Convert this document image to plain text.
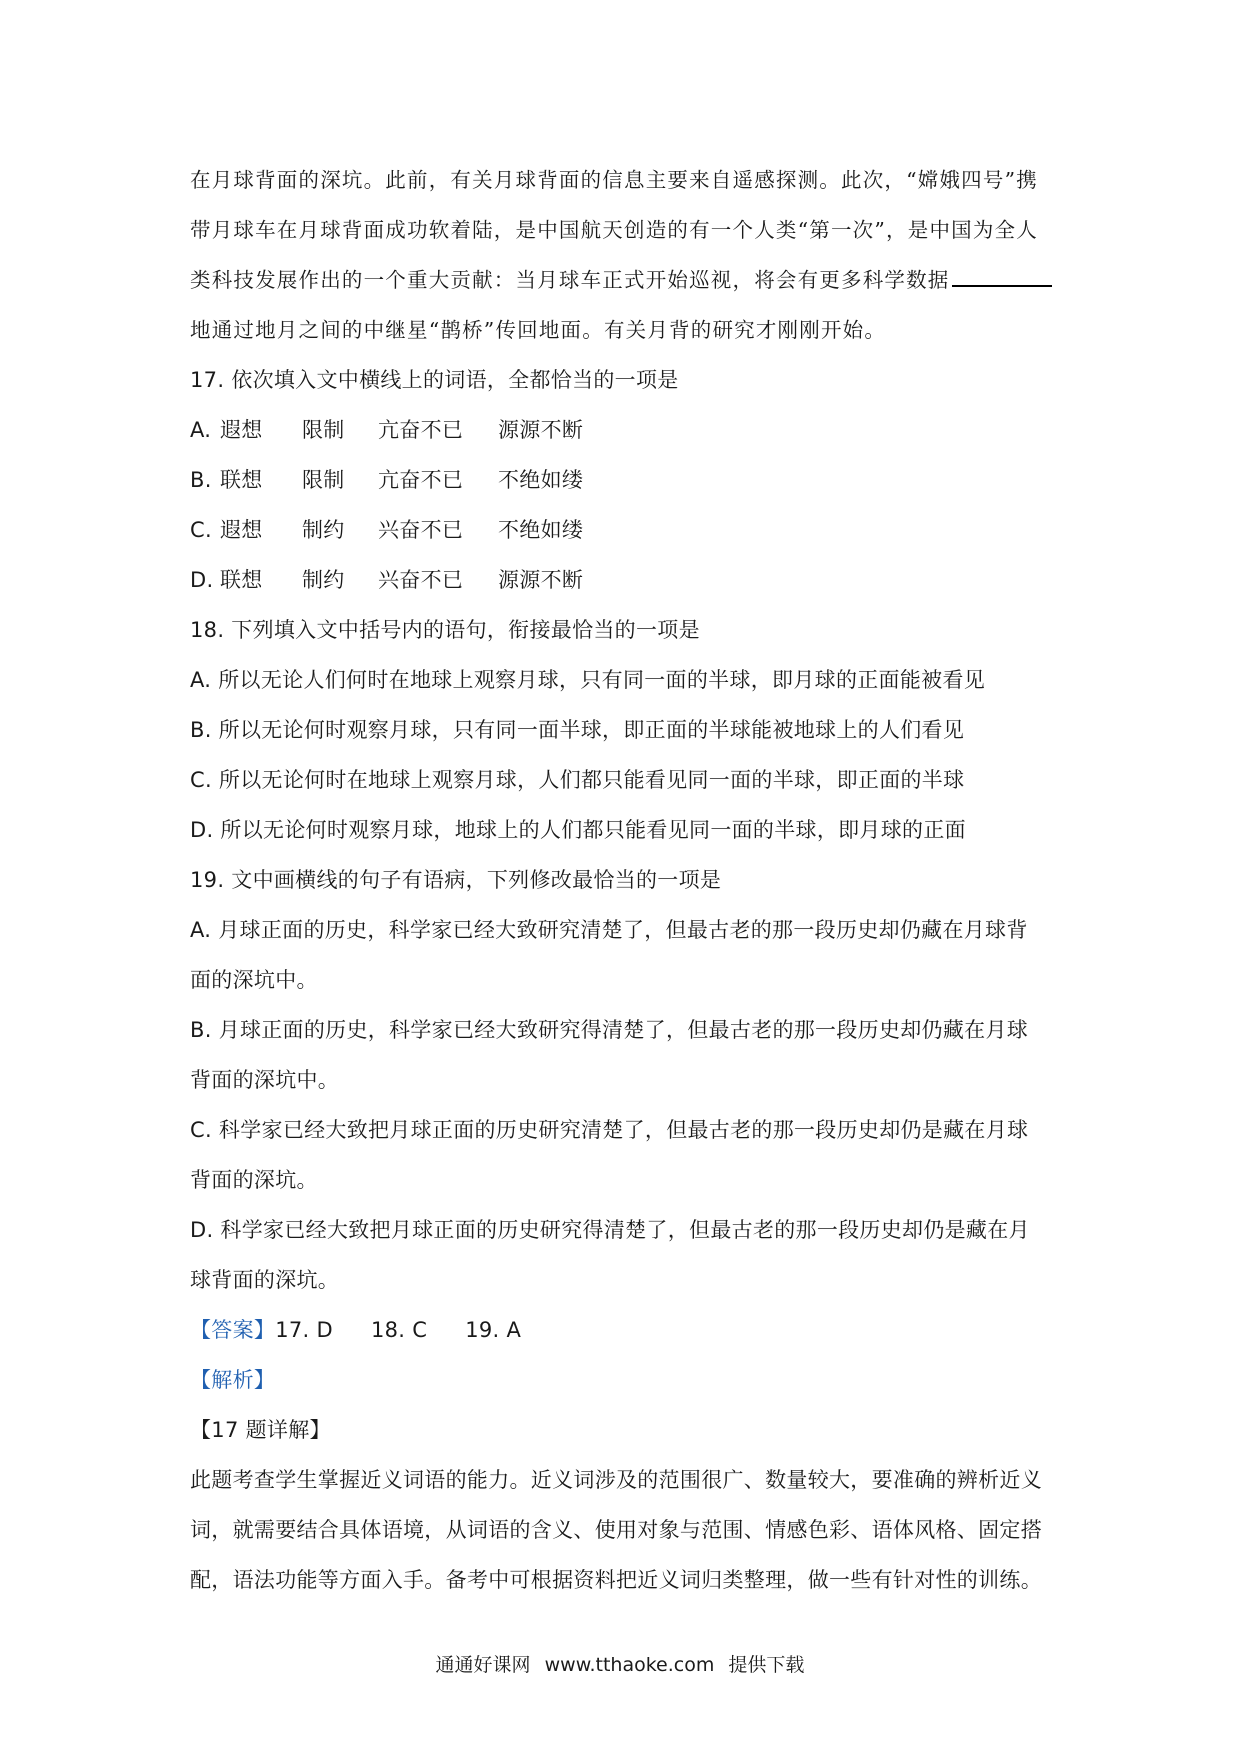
在月球背面的深坑。此前，有关月球背面的信息主要来自遥感探测。此次，“嫦娥四号”携
带月球车在月球背面成功软着陆，是中国航天创造的有一个人类“第一次”，是中国为全人
类科技发展作出的一个重大贡献：当月球车正式开始巡视，将会有更多科学数据
地通过地月之间的中继星“鹊桥”传回地面。有关月背的研究才刚刚开始。
17. 依次填入文中横线上的词语，全都恰当的一项是
A. 遐想 限制 亢奋不已 源源不断
B. 联想 限制 亢奋不已 不绝如缕
C. 遐想 制约 兴奋不已 不绝如缕
D. 联想 制约 兴奋不已 源源不断
18. 下列填入文中括号内的语句，衔接最恰当的一项是
A. 所以无论人们何时在地球上观察月球，只有同一面的半球，即月球的正面能被看见
B. 所以无论何时观察月球，只有同一面半球，即正面的半球能被地球上的人们看见
C. 所以无论何时在地球上观察月球，人们都只能看见同一面的半球，即正面的半球
D. 所以无论何时观察月球，地球上的人们都只能看见同一面的半球，即月球的正面
19. 文中画横线的句子有语病，下列修改最恰当的一项是
A. 月球正面的历史，科学家已经大致研究清楚了，但最古老的那一段历史却仍藏在月球背
面的深坑中。
B. 月球正面的历史，科学家已经大致研究得清楚了，但最古老的那一段历史却仍藏在月球
背面的深坑中。
C. 科学家已经大致把月球正面的历史研究清楚了，但最古老的那一段历史却仍是藏在月球
背面的深坑。
D. 科学家已经大致把月球正面的历史研究得清楚了，但最古老的那一段历史却仍是藏在月
球背面的深坑。
【答案】17. D 18. C 19. A
【解析】
【17 题详解】
此题考查学生掌握近义词语的能力。近义词涉及的范围很广、数量较大，要准确的辨析近义
词，就需要结合具体语境，从词语的含义、使用对象与范围、情感色彩、语体风格、固定搭
配，语法功能等方面入手。备考中可根据资料把近义词归类整理，做一些有针对性的训练。
通通好课网 www.tthaoke.com 提供下载
